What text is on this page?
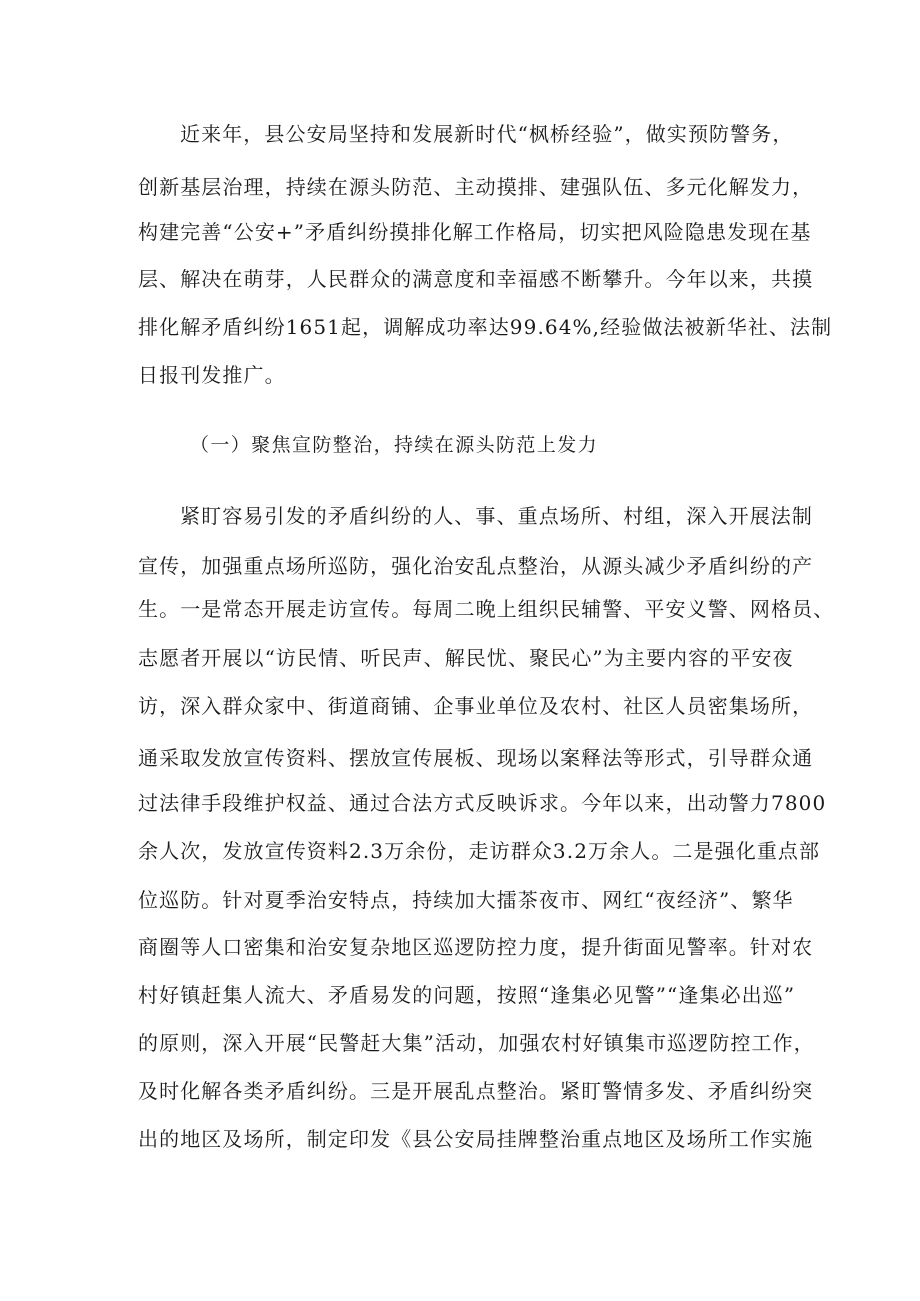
近来年，县公安局坚持和发展新时代“枫桥经验”，做实预防警务，
创新基层治理，持续在源头防范、主动摸排、建强队伍、多元化解发力，
构建完善“公安+”矛盾纠纷摸排化解工作格局，切实把风险隐患发现在基
层、解决在萌芽，人民群众的满意度和幸福感不断攀升。今年以来，共摸
排化解矛盾纠纷1651起，调解成功率达99.64%,经验做法被新华社、法制
日报刊发推广。
（一）聚焦宣防整治，持续在源头防范上发力
紧盯容易引发的矛盾纠纷的人、事、重点场所、村组，深入开展法制
宣传，加强重点场所巡防，强化治安乱点整治，从源头减少矛盾纠纷的产
生。一是常态开展走访宣传。每周二晚上组织民辅警、平安义警、网格员、
志愿者开展以“访民情、听民声、解民忧、聚民心”为主要内容的平安夜
访，深入群众家中、街道商铺、企事业单位及农村、社区人员密集场所，
通采取发放宣传资料、摆放宣传展板、现场以案释法等形式，引导群众通
过法律手段维护权益、通过合法方式反映诉求。今年以来，出动警力7800
余人次，发放宣传资料2.3万余份，走访群众3.2万余人。二是强化重点部
位巡防。针对夏季治安特点，持续加大擂茶夜市、网红“夜经济”、繁华
商圈等人口密集和治安复杂地区巡逻防控力度，提升街面见警率。针对农
村好镇赶集人流大、矛盾易发的问题，按照“逢集必见警”“逢集必出巡”
的原则，深入开展“民警赶大集”活动，加强农村好镇集市巡逻防控工作，
及时化解各类矛盾纠纷。三是开展乱点整治。紧盯警情多发、矛盾纠纷突
出的地区及场所，制定印发《县公安局挂牌整治重点地区及场所工作实施
